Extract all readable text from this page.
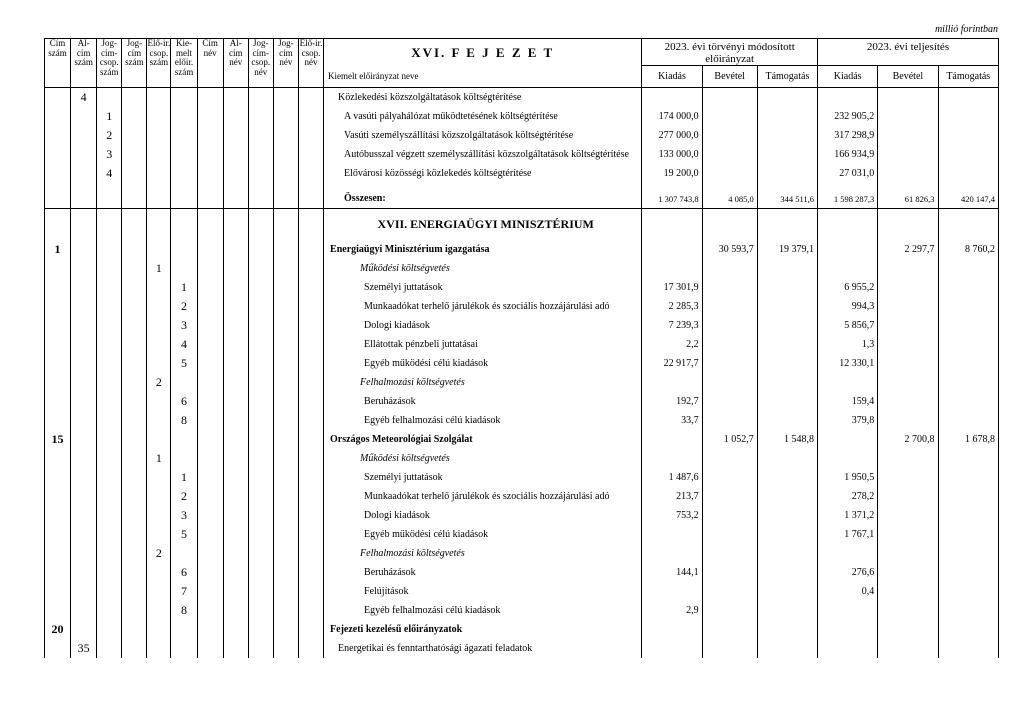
millió forintban
Cím szám	Al-cím szám	Jog-cím-csop. szám	Jog-cím szám	Elő-ir. csop. szám	Kie-melt előir. szám	Cím név	Al-cím név	Jog-cím-csop. név	Jog-cím név	Elő-ir. csop. név	XVI. F E J E Z E T	2023. évi törvényi módosított előirányzat			2023. évi teljesítés		
											Kiemelt előirányzat neve	Kiadás	Bevétel	Támogatás	Kiadás	Bevétel	Támogatás
	4										Közlekedési közszolgáltatások költségtérítése						
		1									A vasúti pályahálózat működtetésének költségtérítése	174 000,0			232 905,2		
		2									Vasúti személyszállítási közszolgáltatások költségtérítése	277 000,0			317 298,9		
		3									Autóbusszal végzett személyszállítási közszolgáltatások költségtérítése	133 000,0			166 934,9		
		4									Elővárosi közösségi közlekedés költségtérítése	19 200,0			27 031,0		

											Összesen:	1 307 743,8	4 085,0	344 511,6	1 598 287,3	61 826,3	420 147,4

											XVII. ENERGIAÜGYI MINISZTÉRIUM						

1											Energiaügyi Minisztérium igazgatása		30 593,7	19 379,1		2 297,7	8 760,2
				1							Működési költségvetés						
					1						Személyi juttatások	17 301,9			6 955,2		
					2						Munkaadókat terhelő járulékok és szociális hozzájárulási adó	2 285,3			994,3		
					3						Dologi kiadások	7 239,3			5 856,7		
					4						Ellátottak pénzbeli juttatásai	2,2			1,3		
					5						Egyéb működési célú kiadások	22 917,7			12 330,1		
				2							Felhalmozási költségvetés						
					6						Beruházások	192,7			159,4		
					8						Egyéb felhalmozási célú kiadások	33,7			379,8		
15											Országos Meteorológiai Szolgálat		1 052,7	1 548,8		2 700,8	1 678,8
				1							Működési költségvetés						
					1						Személyi juttatások	1 487,6			1 950,5		
					2						Munkaadókat terhelő járulékok és szociális hozzájárulási adó	213,7			278,2		
					3						Dologi kiadások	753,2			1 371,2		
					5						Egyéb működési célú kiadások				1 767,1		
				2							Felhalmozási költségvetés						
					6						Beruházások	144,1			276,6		
					7						Felújítások				0,4		
					8						Egyéb felhalmozási célú kiadások	2,9					
20											Fejezeti kezelésű előirányzatok						
	35										Energetikai és fenntarthatósági ágazati feladatok						
